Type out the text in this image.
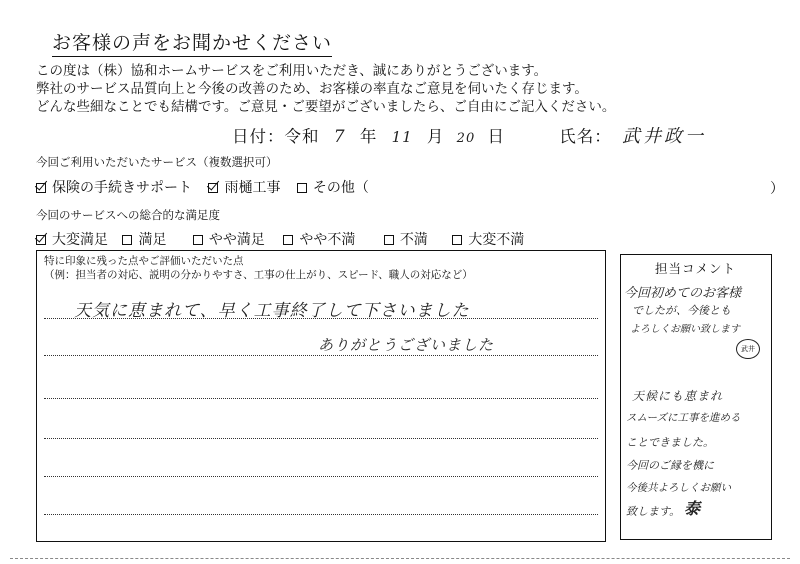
お客様の声をお聞かせください
この度は（株）協和ホームサービスをご利用いただき、誠にありがとうございます。
弊社のサービス品質向上と今後の改善のため、お客様の率直なご意見を伺いたく存じます。
どんな些細なことでも結構です。ご意見・ご要望がございましたら、ご自由にご記入ください。
日付：令和 7 年 11 月 20 日	氏名： 武井政一
今回ご利用いただいたサービス（複数選択可）
保険の手続きサポート 雨樋工事 その他（	）
今回のサービスへの総合的な満足度
大変満足 満足	やや満足 やや不満	不満	大変不満
特に印象に残った点やご評価いただいた点
（例：担当者の対応、説明の分かりやすさ、工事の仕上がり、スピード、職人の対応など）
天気に恵まれて、早く工事終了して下さいました
ありがとうございました
担当コメント
今回初めてのお客様
でしたが、今後とも
よろしくお願い致します
武井
天候にも恵まれ
スムーズに工事を進める
ことできました。
今回のご縁を機に
今後共よろしくお願い
致します。 泰
